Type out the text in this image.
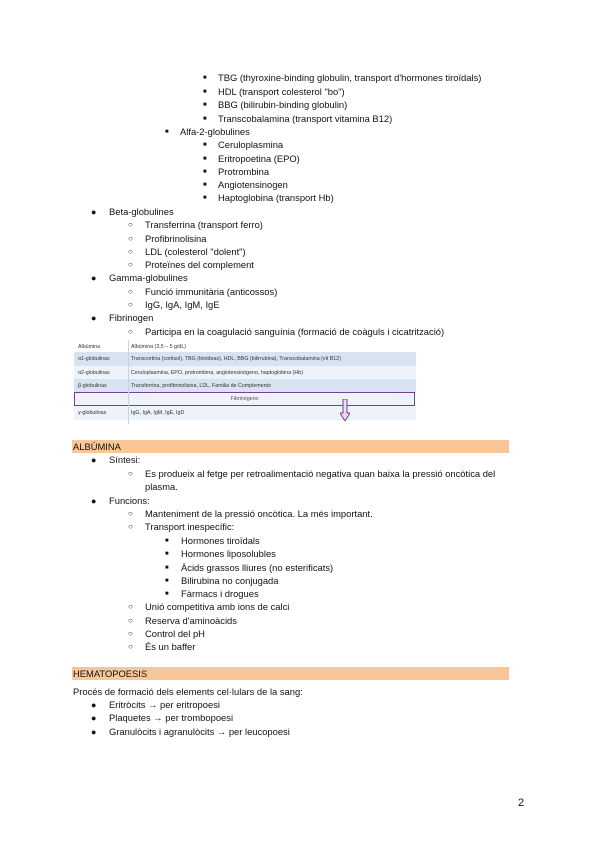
■ TBG (thyroxine-binding globulin, transport d'hormones tiroïdals)
■ HDL (transport colesterol "bo")
■ BBG (bilirubin-binding globulin)
■ Transcobalamina (transport vitamina B12)
■ Alfa-2-globulines
■ Ceruloplasmina
■ Eritropoetina (EPO)
■ Protrombina
■ Angiotensinogen
■ Haptoglobina (transport Hb)
● Beta-globulines
○ Transferrina (transport ferro)
○ Profibrinolisina
○ LDL (colesterol "dolent")
○ Proteïnes del complement
● Gamma-globulines
○ Funció immunitària (anticossos)
○ IgG, IgA, IgM, IgE
● Fibrinogen
○ Participa en la coagulació sanguínia (formació de coàguls i cicatrització)
Albúmina	Albúmina (3,5 – 5 g/dL)
α1-globulinas	Transcortina (cortisol), TBG (tiroideas), HDL, BBG (bilirrubina), Transcobalamina (vit B12)
α2-globulinas	Ceruloplasmina, EPO, protrombina, angiotensinógeno, haptoglobina (Hb)
β-globulinas	Transferrina, profibrinolisina, LDL, Familia de Complemento
Fibrinógeno
γ-globulinas	IgG, IgA, IgM, IgE, IgD
ALBÚMINA
● Síntesi:
○ Es produeix al fetge per retroalimentació negativa quan baixa la pressió oncòtica del
plasma.
● Funcions:
○ Manteniment de la pressió oncòtica. La més important.
○ Transport inespecífic:
■ Hormones tiroïdals
■ Hormones liposolubles
■ Àcids grassos lliures (no esterificats)
■ Bilirubina no conjugada
■ Fàrmacs i drogues
○ Unió competitiva amb ions de calci
○ Reserva d'aminoàcids
○ Control del pH
○ És un baffer
HEMATOPOESIS
Procés de formació dels elements cel·lulars de la sang:
● Eritròcits → per eritropoesi
● Plaquetes → per trombopoesi
● Granulòcits i agranulòcits → per leucopoesi
2
